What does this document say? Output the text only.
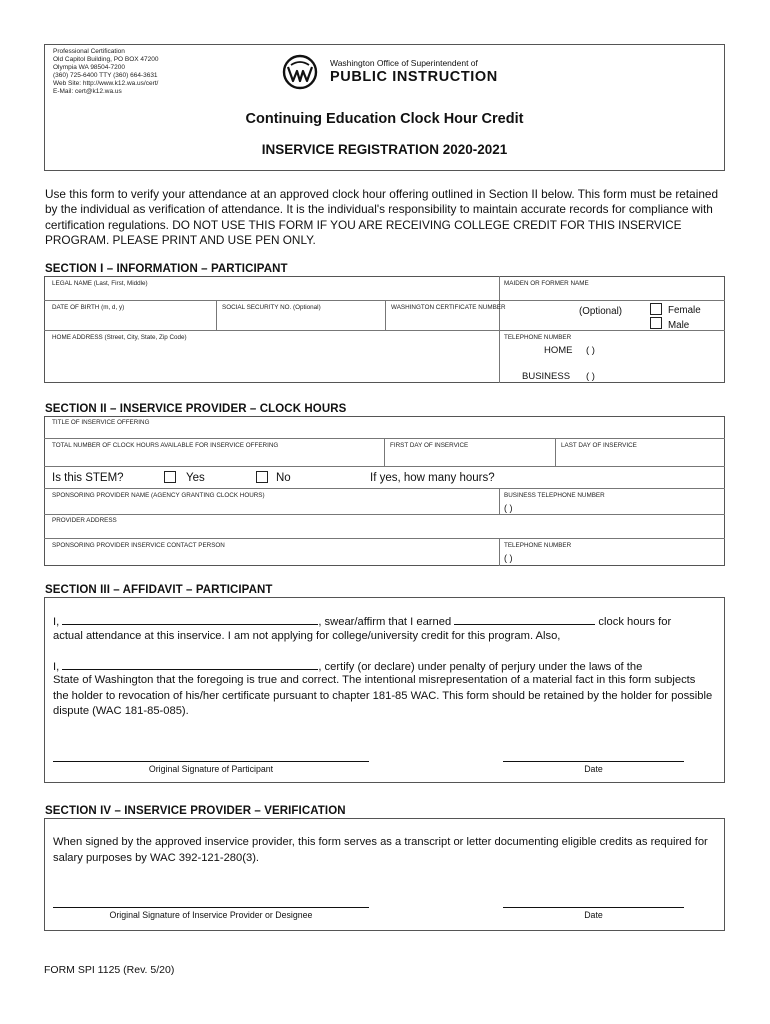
Professional Certification
Old Capitol Building, PO BOX 47200
Olympia WA 98504-7200
(360) 725-6400 TTY (360) 664-3631
Web Site: http://www.k12.wa.us/cert/
E-Mail: cert@k12.wa.us
Washington Office of Superintendent of
PUBLIC INSTRUCTION
Continuing Education Clock Hour Credit
INSERVICE REGISTRATION 2020-2021
Use this form to verify your attendance at an approved clock hour offering outlined in Section II below. This form must be retained by the individual as verification of attendance. It is the individual's responsibility to maintain accurate records for compliance with certification regulations. DO NOT USE THIS FORM IF YOU ARE RECEIVING COLLEGE CREDIT FOR THIS INSERVICE PROGRAM. PLEASE PRINT AND USE PEN ONLY.
SECTION I – INFORMATION – PARTICIPANT
LEGAL NAME (Last, First, Middle)	MAIDEN OR FORMER NAME
DATE OF BIRTH (m, d, y)	SOCIAL SECURITY NO. (Optional)	WASHINGTON CERTIFICATE NUMBER	(Optional)	Female
Male
HOME ADDRESS (Street, City, State, Zip Code)	TELEPHONE NUMBER
HOME ( )
BUSINESS ( )
SECTION II – INSERVICE PROVIDER – CLOCK HOURS
TITLE OF INSERVICE OFFERING
TOTAL NUMBER OF CLOCK HOURS AVAILABLE FOR INSERVICE OFFERING	FIRST DAY OF INSERVICE	LAST DAY OF INSERVICE
Is this STEM?	Yes	No	If yes, how many hours?
SPONSORING PROVIDER NAME (AGENCY GRANTING CLOCK HOURS)	BUSINESS TELEPHONE NUMBER
( )
PROVIDER ADDRESS
SPONSORING PROVIDER INSERVICE CONTACT PERSON	TELEPHONE NUMBER
( )
SECTION III – AFFIDAVIT – PARTICIPANT
I,	, swear/affirm that I earned	clock hours for
actual attendance at this inservice. I am not applying for college/university credit for this program. Also,
I,	, certify (or declare) under penalty of perjury under the laws of the
State of Washington that the foregoing is true and correct. The intentional misrepresentation of a material fact in this form subjects the holder to revocation of his/her certificate pursuant to chapter 181-85 WAC. This form should be retained by the holder for possible dispute (WAC 181-85-085).
Original Signature of Participant	Date
SECTION IV – INSERVICE PROVIDER – VERIFICATION
When signed by the approved inservice provider, this form serves as a transcript or letter documenting eligible credits as required for salary purposes by WAC 392-121-280(3).
Original Signature of Inservice Provider or Designee	Date
FORM SPI 1125 (Rev. 5/20)
